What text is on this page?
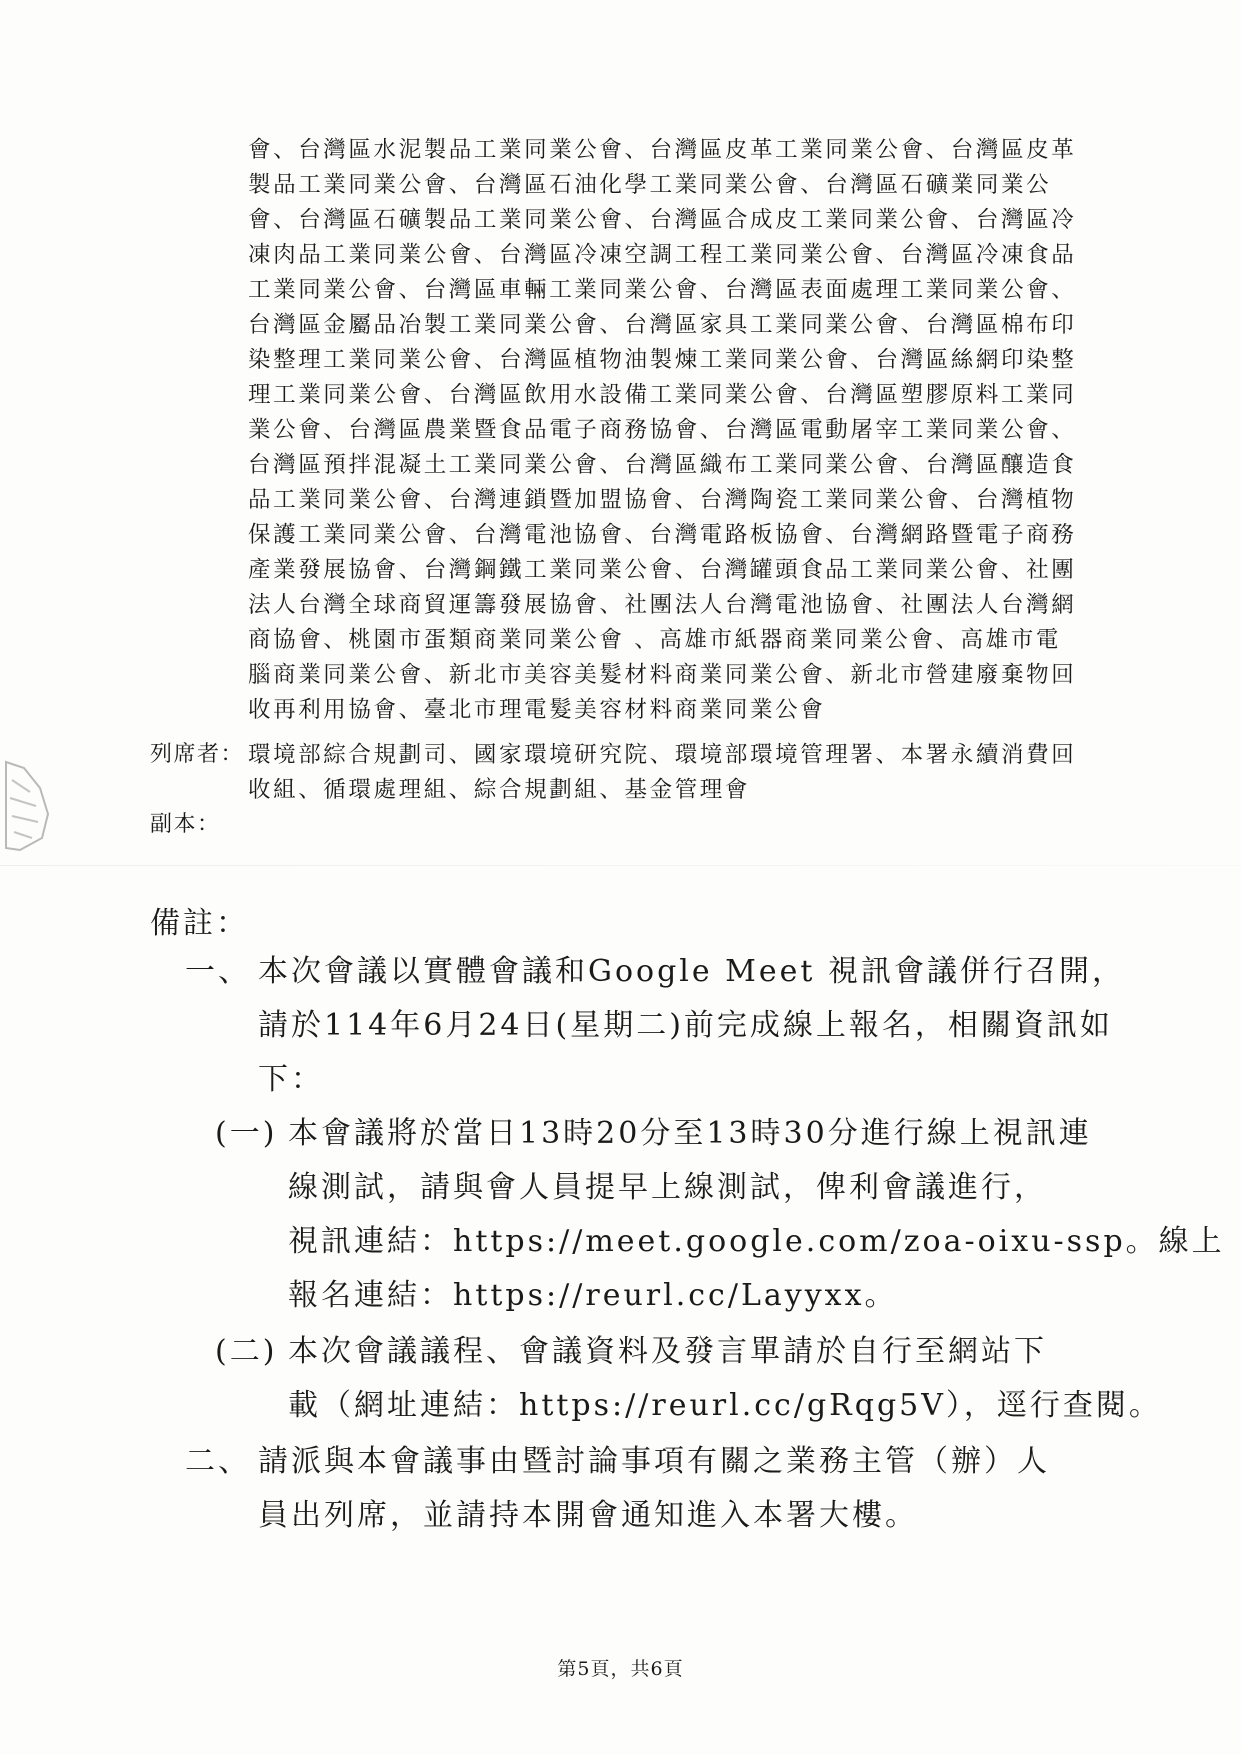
會、台灣區水泥製品工業同業公會、台灣區皮革工業同業公會、台灣區皮革
製品工業同業公會、台灣區石油化學工業同業公會、台灣區石礦業同業公
會、台灣區石礦製品工業同業公會、台灣區合成皮工業同業公會、台灣區冷
凍肉品工業同業公會、台灣區冷凍空調工程工業同業公會、台灣區冷凍食品
工業同業公會、台灣區車輛工業同業公會、台灣區表面處理工業同業公會、
台灣區金屬品冶製工業同業公會、台灣區家具工業同業公會、台灣區棉布印
染整理工業同業公會、台灣區植物油製煉工業同業公會、台灣區絲網印染整
理工業同業公會、台灣區飲用水設備工業同業公會、台灣區塑膠原料工業同
業公會、台灣區農業暨食品電子商務協會、台灣區電動屠宰工業同業公會、
台灣區預拌混凝土工業同業公會、台灣區織布工業同業公會、台灣區釀造食
品工業同業公會、台灣連鎖暨加盟協會、台灣陶瓷工業同業公會、台灣植物
保護工業同業公會、台灣電池協會、台灣電路板協會、台灣網路暨電子商務
產業發展協會、台灣鋼鐵工業同業公會、台灣罐頭食品工業同業公會、社團
法人台灣全球商貿運籌發展協會、社團法人台灣電池協會、社團法人台灣網
商協會、桃園市蛋類商業同業公會 、高雄市紙器商業同業公會、高雄市電
腦商業同業公會、新北市美容美髮材料商業同業公會、新北市營建廢棄物回
收再利用協會、臺北市理電髮美容材料商業同業公會
列席者： 環境部綜合規劃司、國家環境研究院、環境部環境管理署、本署永續消費回
收組、循環處理組、綜合規劃組、基金管理會
副本：
備註：
一、 本次會議以實體會議和Google Meet 視訊會議併行召開，
請於114年6月24日(星期二)前完成線上報名，相關資訊如
下：
(一) 本會議將於當日13時20分至13時30分進行線上視訊連
線測試，請與會人員提早上線測試，俾利會議進行，
視訊連結：https://meet.google.com/zoa-oixu-ssp。線上
報名連結：https://reurl.cc/Layyxx。
(二) 本次會議議程、會議資料及發言單請於自行至網站下
載（網址連結：https://reurl.cc/gRqg5V），逕行查閱。
二、 請派與本會議事由暨討論事項有關之業務主管（辦）人
員出列席，並請持本開會通知進入本署大樓。
第5頁，共6頁
